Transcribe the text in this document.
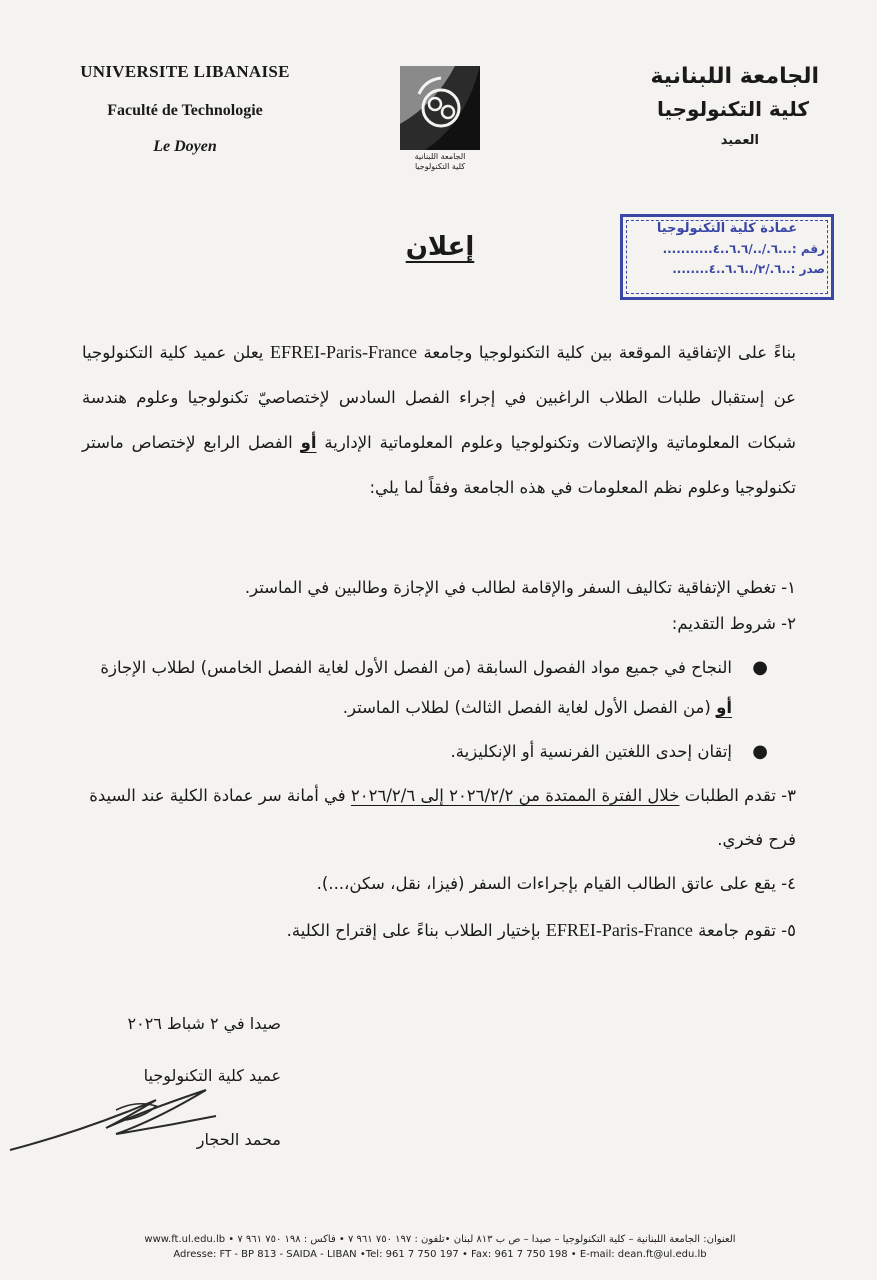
UNIVERSITE LIBANAISE
Faculté de Technologie
Le Doyen
الجامعة اللبنانية
كلية التكنولوجيا
الجامعة اللبنانية
كلية التكنولوجيا
العميد
عمادة كلية التكنولوجيا
رقم :...٦./../٦.٦..٤...........
صدر :..٦./٢/..٦.٦..٤........
إعلان

بناءً على الإتفاقية الموقعة بين كلية التكنولوجيا وجامعة EFREI-Paris-France يعلن عميد كلية التكنولوجيا عن إستقبال طلبات الطلاب الراغبين في إجراء الفصل السادس لإختصاصيّ تكنولوجيا وعلوم هندسة شبكات المعلوماتية والإتصالات وتكنولوجيا وعلوم المعلوماتية الإدارية أو الفصل الرابع لإختصاص ماستر تكنولوجيا وعلوم نظم المعلومات في هذه الجامعة وفقاً لما يلي:

١- تغطي الإتفاقية تكاليف السفر والإقامة لطالب في الإجازة وطالبين في الماستر.
٢- شروط التقديم:
●
النجاح في جميع مواد الفصول السابقة (من الفصل الأول لغاية الفصل الخامس) لطلاب الإجازة أو (من الفصل الأول لغاية الفصل الثالث) لطلاب الماستر.
●
إتقان إحدى اللغتين الفرنسية أو الإنكليزية.
٣- تقدم الطلبات خلال الفترة الممتدة من ٢٠٢٦/٢/٢ إلى ٢٠٢٦/٢/٦ في أمانة سر عمادة الكلية عند السيدة فرح فخري.
٤- يقع على عاتق الطالب القيام بإجراءات السفر (فيزا، نقل، سكن،...).
٥- تقوم جامعة EFREI-Paris-France بإختيار الطلاب بناءً على إقتراح الكلية.
صيدا في ٢ شباط ٢٠٢٦
عميد كلية التكنولوجيا
محمد الحجار
العنوان: الجامعة اللبنانية – كلية التكنولوجيا – صيدا – ص ب ٨١٣ لبنان •تلفون : ١٩٧ ٧٥٠ ٩٦١ ٧ • فاكس : ١٩٨ ٧٥٠ ٩٦١ ٧ • www.ft.ul.edu.lb
Adresse: FT - BP 813 - SAIDA - LIBAN •Tel: 961 7 750 197 • Fax: 961 7 750 198 • E-mail: dean.ft@ul.edu.lb
